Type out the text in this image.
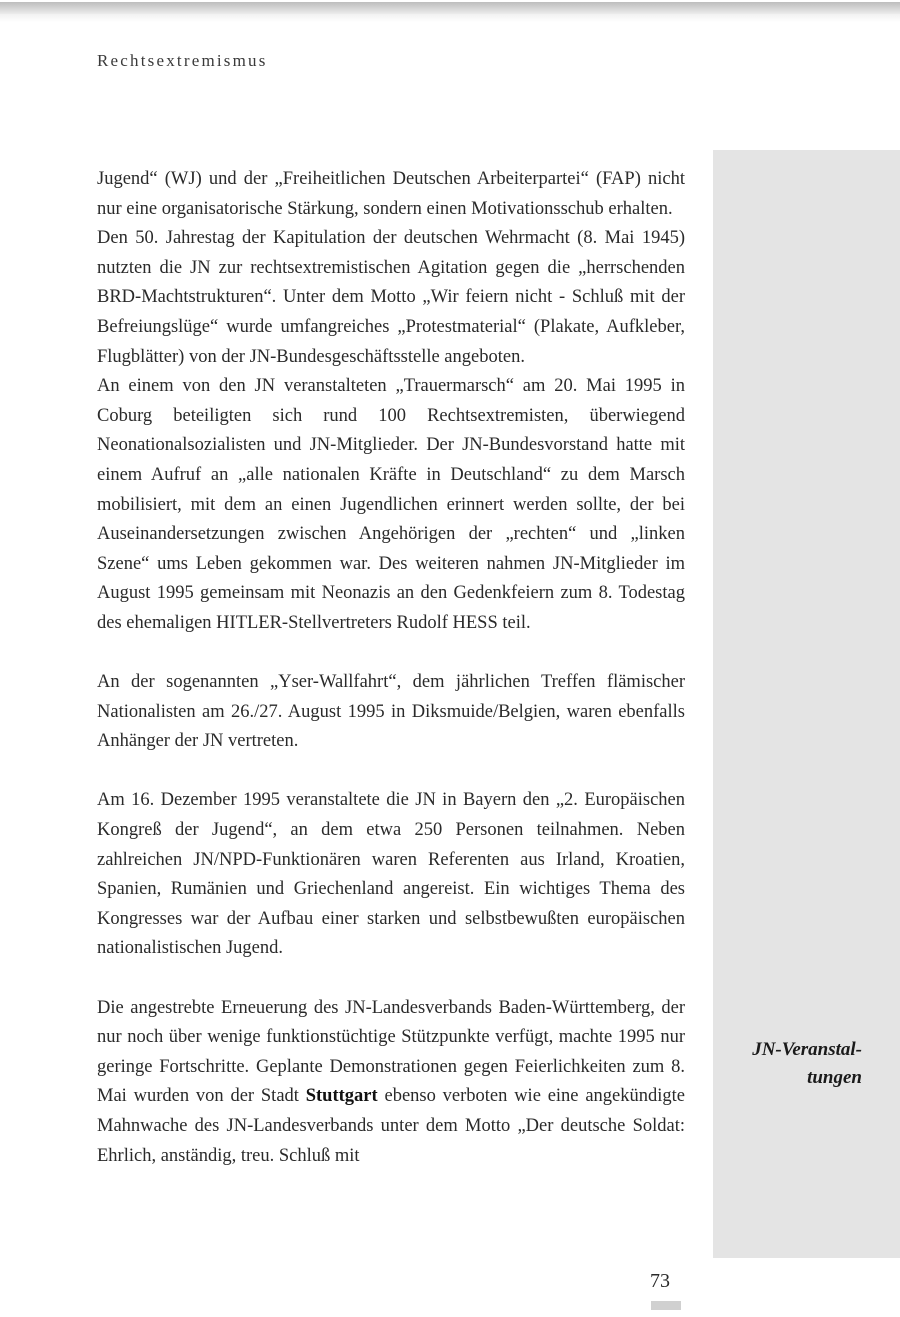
Rechtsextremismus

Jugend“ (WJ) und der „Freiheitlichen Deutschen Arbeiterpartei“ (FAP) nicht nur eine organisatorische Stärkung, sondern einen Motivationsschub erhalten.

Den 50. Jahrestag der Kapitulation der deutschen Wehrmacht (8. Mai 1945) nutzten die JN zur rechtsextremistischen Agitation gegen die „herrschenden BRD-Machtstrukturen“. Unter dem Motto „Wir feiern nicht - Schluß mit der Befreiungslüge“ wurde umfangreiches „Protestmaterial“ (Plakate, Aufkleber, Flugblätter) von der JN-Bundesgeschäftsstelle angeboten.

An einem von den JN veranstalteten „Trauermarsch“ am 20. Mai 1995 in Coburg beteiligten sich rund 100 Rechtsextremisten, überwiegend Neonationalsozialisten und JN-Mitglieder. Der JN-Bundesvorstand hatte mit einem Aufruf an „alle nationalen Kräfte in Deutschland“ zu dem Marsch mobilisiert, mit dem an einen Jugendlichen erinnert werden sollte, der bei Auseinandersetzungen zwischen Angehörigen der „rechten“ und „linken Szene“ ums Leben gekommen war. Des weiteren nahmen JN-Mitglieder im August 1995 gemeinsam mit Neonazis an den Gedenkfeiern zum 8. Todestag des ehemaligen HITLER-Stellvertreters Rudolf HESS teil.

An der sogenannten „Yser-Wallfahrt“, dem jährlichen Treffen flämischer Nationalisten am 26./27. August 1995 in Diksmuide/Belgien, waren ebenfalls Anhänger der JN vertreten.

Am 16. Dezember 1995 veranstaltete die JN in Bayern den „2. Europäischen Kongreß der Jugend“, an dem etwa 250 Personen teilnahmen. Neben zahlreichen JN/NPD-Funktionären waren Referenten aus Irland, Kroatien, Spanien, Rumänien und Griechenland angereist. Ein wichtiges Thema des Kongresses war der Aufbau einer starken und selbstbewußten europäischen nationalistischen Jugend.

Die angestrebte Erneuerung des JN-Landesverbands Baden-Württemberg, der nur noch über wenige funktionstüchtige Stützpunkte verfügt, machte 1995 nur geringe Fortschritte. Geplante Demonstrationen gegen Feierlichkeiten zum 8. Mai wurden von der Stadt Stuttgart ebenso verboten wie eine angekündigte Mahnwache des JN-Landesverbands unter dem Motto „Der deutsche Soldat: Ehrlich, anständig, treu. Schluß mit

JN-Veranstal-
tungen
73
